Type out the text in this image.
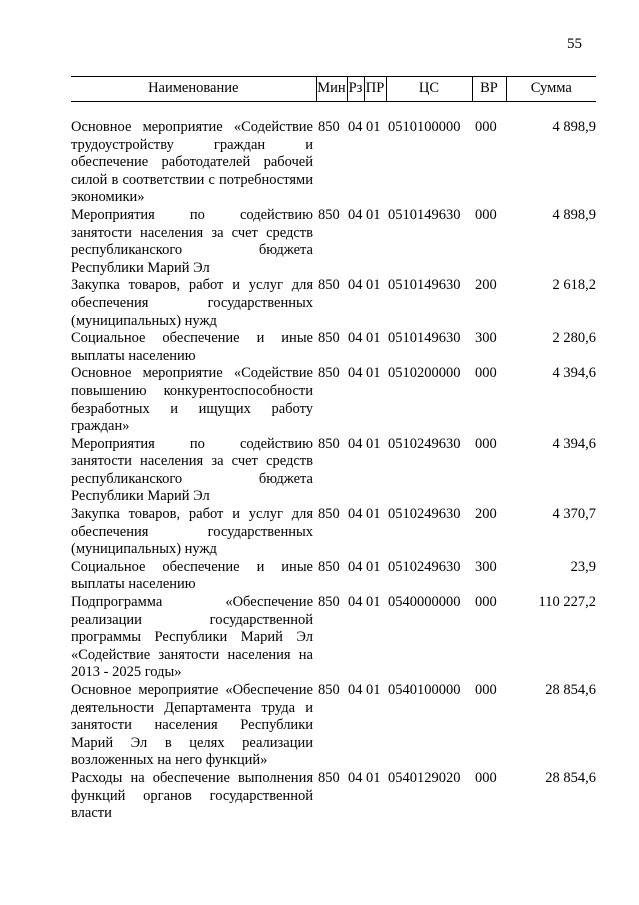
55
Наименование	Мин	Рз	ПР	ЦС	ВР	Сумма

Основное мероприятие «Содействие трудоустройству граждан и обеспечение работодателей рабочей силой в соответствии с потребностями экономики»	850	04	01	0510100000	000	4 898,9
Мероприятия по содействию занятости населения за счет средств республиканского бюджета Республики Марий Эл	850	04	01	0510149630	000	4 898,9
Закупка товаров, работ и услуг для обеспечения государственных (муниципальных) нужд	850	04	01	0510149630	200	2 618,2
Социальное обеспечение и иные выплаты населению	850	04	01	0510149630	300	2 280,6
Основное мероприятие «Содействие повышению конкурентоспособности безработных и ищущих работу граждан»	850	04	01	0510200000	000	4 394,6
Мероприятия по содействию занятости населения за счет средств республиканского бюджета Республики Марий Эл	850	04	01	0510249630	000	4 394,6
Закупка товаров, работ и услуг для обеспечения государственных (муниципальных) нужд	850	04	01	0510249630	200	4 370,7
Социальное обеспечение и иные выплаты населению	850	04	01	0510249630	300	23,9
Подпрограмма «Обеспечение реализации государственной программы Республики Марий Эл «Содействие занятости населения на 2013 - 2025 годы»	850	04	01	0540000000	000	110 227,2
Основное мероприятие «Обеспечение деятельности Департамента труда и занятости населения Республики Марий Эл в целях реализации возложенных на него функций»	850	04	01	0540100000	000	28 854,6
Расходы на обеспечение выполнения функций органов государственной власти	850	04	01	0540129020	000	28 854,6
